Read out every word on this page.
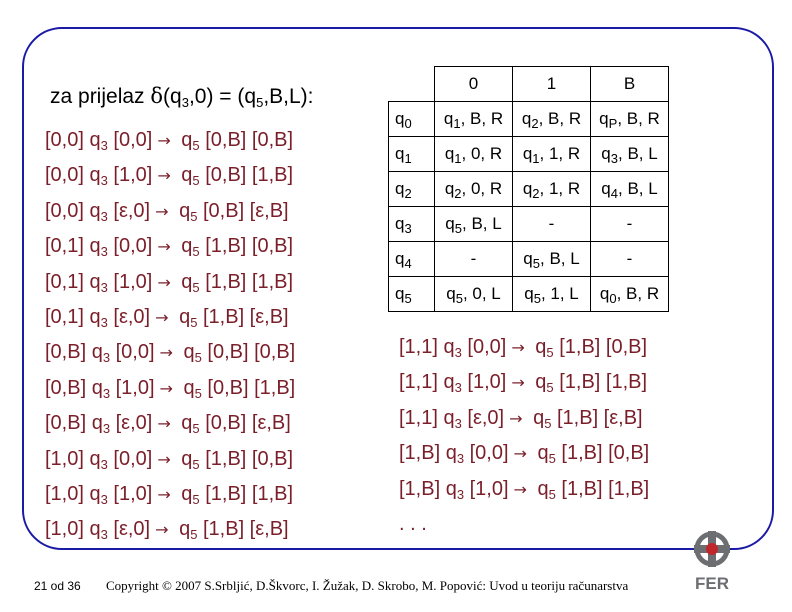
za prijelaz $\delta(q_3,0) = (q_5,B,L)$:
[0,0] $q_3$ $[0,0] \to q_5$ [0,B] [0,B]
[0,0] $q_3$ $[1,0] \to q_5$ [0,B] [1,B]
[0,0] $q_3$ $[\varepsilon,0] \to q_5$ [0,B] [ε,B]
[0,1] $q_3$ $[0,0] \to q_5$ [1,B] [0,B]
[0,1] $q_3$ $[1,0] \to q_5$ [1,B] [1,B]
[0,1] $q_3$ $[\varepsilon,0] \to q_5$ [1,B] [ε,B]
[0,B] $q_3$ $[0,0] \to q_5$ [0,B] [0,B]
[0,B] $q_3$ $[1,0] \to q_5$ [0,B] [1,B]
[0,B] $q_3$ $[\varepsilon,0] \to q_5$ [0,B] [ε,B]
[1,0] $q_3$ $[0,0] \to q_5$ [1,B] [0,B]
[1,0] $q_3$ $[1,0] \to q_5$ [1,B] [1,B]
[1,0] $q_3$ $[\varepsilon,0] \to q_5$ [1,B] [ε,B]
[1,1] $q_3$ $[0,0] \to q_5$ [1,B] [0,B]
[1,1] $q_3$ $[1,0] \to q_5$ [1,B] [1,B]
[1,1] $q_3$ $[\varepsilon,0] \to q_5$ [1,B] [ε,B]
[1,B] $q_3$ $[0,0] \to q_5$ [1,B] [0,B]
[1,B] $q_3$ $[1,0] \to q_5$ [1,B] [1,B]
. . .
	0	1	B
$q_0$	$q_1$, B, R	$q_2$, B, R	$q_P$, B, R
$q_1$	$q_1$, 0, R	$q_1$, 1, R	$q_3$, B, L
$q_2$	$q_2$, 0, R	$q_2$, 1, R	$q_4$, B, L
$q_3$	$q_5$, B, L	-	-
$q_4$	-	$q_5$, B, L	-
$q_5$	$q_5$, 0, L	$q_5$, 1, L	$q_0$, B, R
21 od 36 Copyright © 2007 S.Srbljić, D.Škvorc, I. Žužak, D. Skrobo, M. Popović: Uvod u teoriju računarstva	FER
